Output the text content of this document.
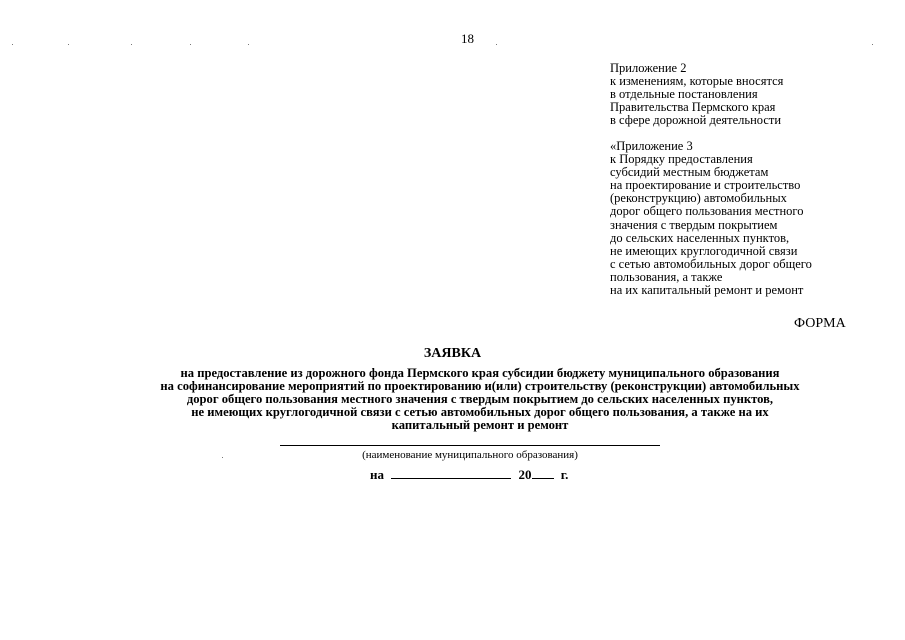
18
Приложение 2
к изменениям, которые вносятся
в отдельные постановления
Правительства Пермского края
в сфере дорожной деятельности
«Приложение 3
к Порядку предоставления
субсидий местным бюджетам
на проектирование и строительство
(реконструкцию) автомобильных
дорог общего пользования местного
значения с твердым покрытием
до сельских населенных пунктов,
не имеющих круглогодичной связи
с сетью автомобильных дорог общего
пользования, а также
на их капитальный ремонт и ремонт
ФОРМА
ЗАЯВКА
на предоставление из дорожного фонда Пермского края субсидии бюджету муниципального образования
на софинансирование мероприятий по проектированию и(или) строительству (реконструкции) автомобильных
дорог общего пользования местного значения с твердым покрытием до сельских населенных пунктов,
не имеющих круглогодичной связи с сетью автомобильных дорог общего пользования, а также на их
капитальный ремонт и ремонт
(наименование муниципального образования)
на	20 г.
